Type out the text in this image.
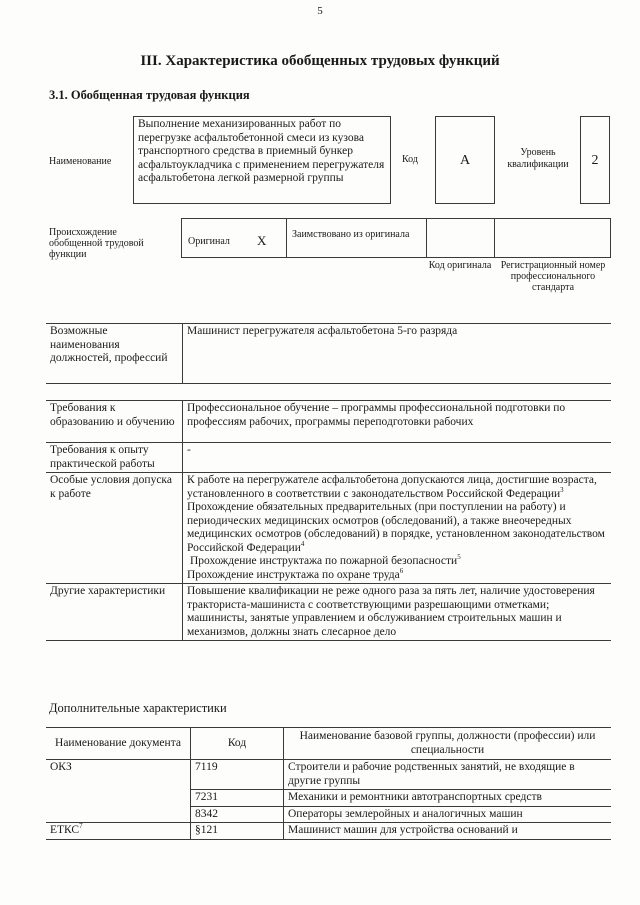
5
III. Характеристика обобщенных трудовых функций
3.1. Обобщенная трудовая функция
Наименование
Выполнение механизированных работ по перегрузке асфальтобетонной смеси из кузова транспортного средства в приемный бункер асфальтоукладчика с применением перегружателя асфальтобетона легкой размерной группы
Код	A
Уровень квалификации	2
Происхождение обобщенной трудовой функции
Оригинал X	Заимствовано из оригинала
Код оригинала Регистрационный номер профессионального стандарта
Возможные наименования должностей, профессий	Машинист перегружателя асфальтобетона 5-го разряда
Требования к образованию и обучению	Профессиональное обучение – программы профессиональной подготовки по профессиям рабочих, программы переподготовки рабочих
Требования к опыту практической работы	-
Особые условия допуска к работе	К работе на перегружателе асфальтобетона допускаются лица, достигшие возраста, установленного в соответствии с законодательством Российской Федерации$^3$
Прохождение обязательных предварительных (при поступлении на работу) и периодических медицинских осмотров (обследований), а также внеочередных медицинских осмотров (обследований) в порядке, установленном законодательством Российской Федерации$^4$
Прохождение инструктажа по пожарной безопасности$^5$
Прохождение инструктажа по охране труда$^6$

Другие характеристики	Повышение квалификации не реже одного раза за пять лет, наличие удостоверения тракториста-машиниста с соответствующими разрешающими отметками; машинисты, занятые управлением и обслуживанием строительных машин и механизмов, должны знать слесарное дело
Дополнительные характеристики
Наименование документа	Код	Наименование базовой группы, должности (профессии) или специальности
ОКЗ	7119	Строители и рабочие родственных занятий, не входящие в другие группы
	7231	Механики и ремонтники автотранспортных средств
	8342	Операторы землеройных и аналогичных машин
ЕТКС$^7$	§121	Машинист машин для устройства оснований и
